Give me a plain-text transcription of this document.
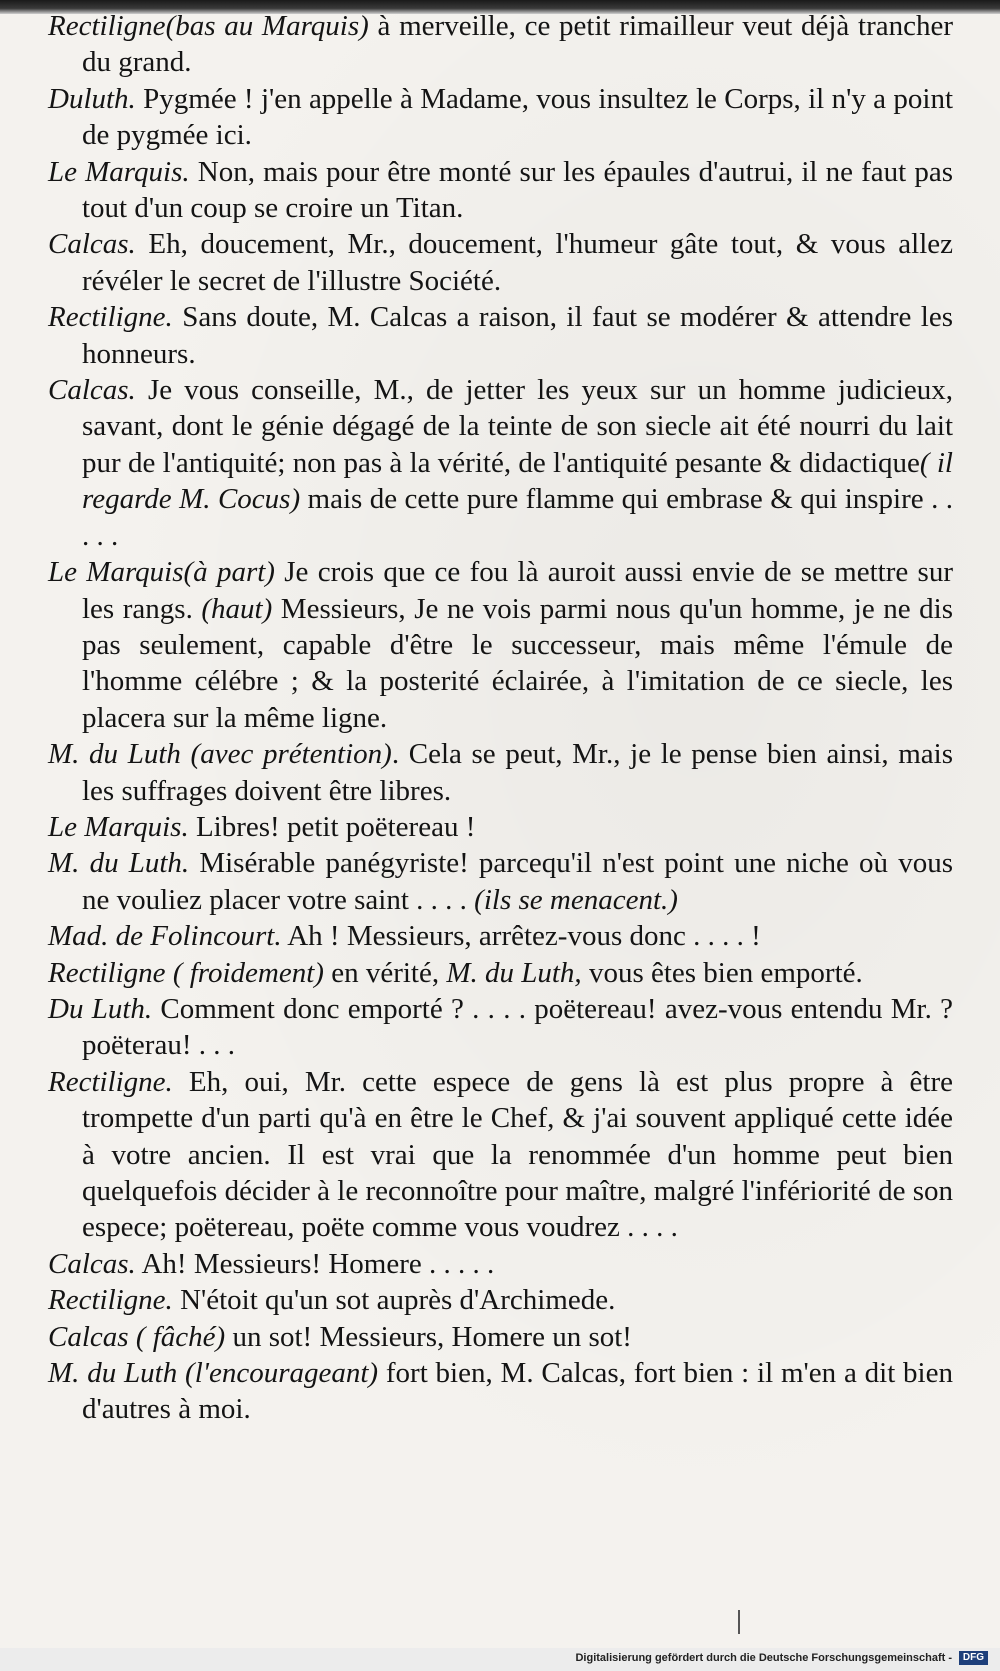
Rectiligne(bas au Marquis) à merveille, ce petit rimailleur veut déjà trancher du grand.

Duluth. Pygmée ! j'en appelle à Madame, vous insultez le Corps, il n'y a point de pygmée ici.

Le Marquis. Non, mais pour être monté sur les épaules d'autrui, il ne faut pas tout d'un coup se croire un Titan.

Calcas. Eh, doucement, Mr., doucement, l'humeur gâte tout, & vous allez révéler le secret de l'illustre Société.

Rectiligne. Sans doute, M. Calcas a raison, il faut se modérer & attendre les honneurs.

Calcas. Je vous conseille, M., de jetter les yeux sur un homme judicieux, savant, dont le génie dégagé de la teinte de son siecle ait été nourri du lait pur de l'antiquité; non pas à la vérité, de l'antiquité pesante & didactique( il regarde M. Cocus) mais de cette pure flamme qui embrase & qui inspire . . . . .

Le Marquis(à part) Je crois que ce fou là auroit aussi envie de se mettre sur les rangs. (haut) Messieurs, Je ne vois parmi nous qu'un homme, je ne dis pas seulement, capable d'être le successeur, mais même l'émule de l'homme célébre ; & la posterité éclairée, à l'imitation de ce siecle, les placera sur la même ligne.

M. du Luth (avec prétention). Cela se peut, Mr., je le pense bien ainsi, mais les suffrages doivent être libres.

Le Marquis. Libres! petit poëtereau !

M. du Luth. Misérable panégyriste! parcequ'il n'est point une niche où vous ne vouliez placer votre saint . . . . (ils se menacent.)

Mad. de Folincourt. Ah ! Messieurs, arrêtez-vous donc . . . . !

Rectiligne ( froidement) en vérité, M. du Luth, vous êtes bien emporté.

Du Luth. Comment donc emporté ? . . . . poëtereau! avez-vous entendu Mr. ? poëterau! . . .

Rectiligne. Eh, oui, Mr. cette espece de gens là est plus propre à être trompette d'un parti qu'à en être le Chef, & j'ai souvent appliqué cette idée à votre ancien. Il est vrai que la renommée d'un homme peut bien quelquefois décider à le reconnoître pour maître, malgré l'infériorité de son espece; poëtereau, poëte comme vous voudrez . . . .

Calcas. Ah! Messieurs! Homere . . . . .

Rectiligne. N'étoit qu'un sot auprès d'Archimede.

Calcas ( fâché) un sot! Messieurs, Homere un sot!

M. du Luth (l'encourageant) fort bien, M. Calcas, fort bien : il m'en a dit bien d'autres à moi.

Digitalisierung gefördert durch die Deutsche Forschungsgemeinschaft -	DFG
